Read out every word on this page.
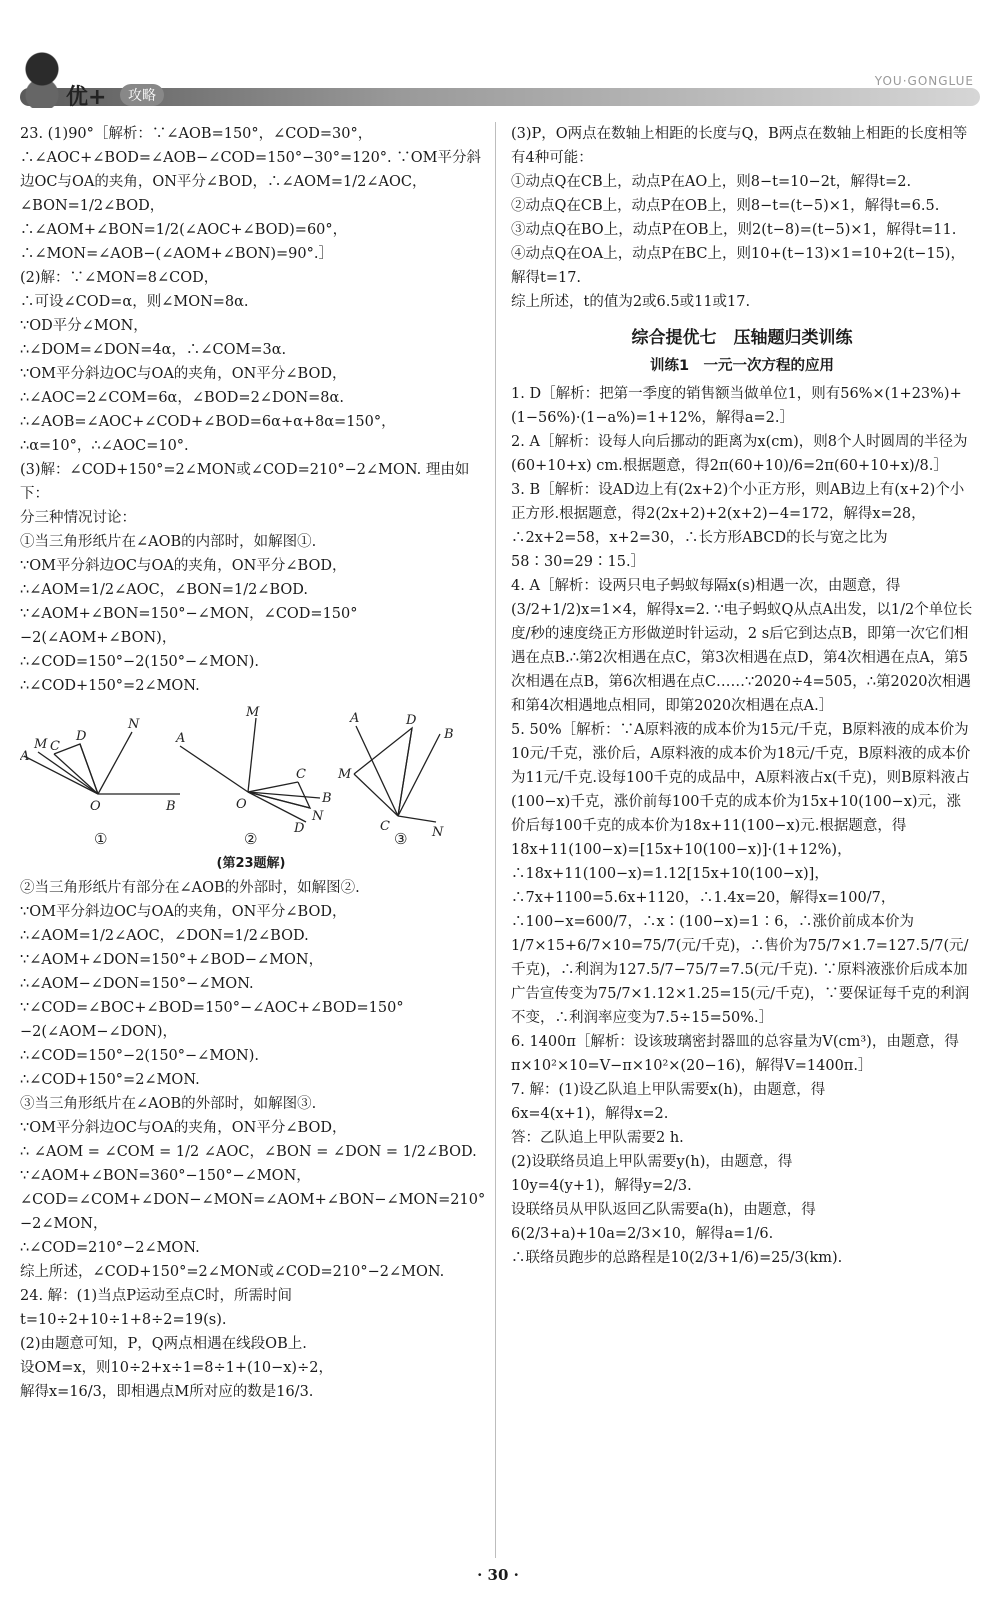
优+	攻略
YOU·GONGLUE

23. (1)90°［解析：∵∠AOB=150°，∠COD=30°，∴∠AOC+∠BOD=∠AOB−∠COD=150°−30°=120°. ∵OM平分斜边OC与OA的夹角，ON平分∠BOD，∴∠AOM=1/2∠AOC，∠BON=1/2∠BOD，∴∠AOM+∠BON=1/2(∠AOC+∠BOD)=60°，∴∠MON=∠AOB−(∠AOM+∠BON)=90°.］

(2)解：∵∠MON=8∠COD，

∴可设∠COD=α，则∠MON=8α.

∵OD平分∠MON，

∴∠DOM=∠DON=4α，∴∠COM=3α.

∵OM平分斜边OC与OA的夹角，ON平分∠BOD，

∴∠AOC=2∠COM=6α，∠BOD=2∠DON=8α.

∴∠AOB=∠AOC+∠COD+∠BOD=6α+α+8α=150°，

∴α=10°，∴∠AOC=10°.

(3)解：∠COD+150°=2∠MON或∠COD=210°−2∠MON. 理由如下：

分三种情况讨论：

①当三角形纸片在∠AOB的内部时，如解图①.

∵OM平分斜边OC与OA的夹角，ON平分∠BOD，

∴∠AOM=1/2∠AOC，∠BON=1/2∠BOD.

∵∠AOM+∠BON=150°−∠MON，∠COD=150°−2(∠AOM+∠BON)，

∴∠COD=150°−2(150°−∠MON).

∴∠COD+150°=2∠MON.

A
M C
D
N
O	B
A
M
C
B
N
D
O
A	D
M
C	N
B
①	②	③

(第23题解)

②当三角形纸片有部分在∠AOB的外部时，如解图②.

∵OM平分斜边OC与OA的夹角，ON平分∠BOD，

∴∠AOM=1/2∠AOC，∠DON=1/2∠BOD.

∵∠AOM+∠DON=150°+∠BOD−∠MON，

∴∠AOM−∠DON=150°−∠MON.

∵∠COD=∠BOC+∠BOD=150°−∠AOC+∠BOD=150°−2(∠AOM−∠DON)，

∴∠COD=150°−2(150°−∠MON).

∴∠COD+150°=2∠MON.

③当三角形纸片在∠AOB的外部时，如解图③.

∵OM平分斜边OC与OA的夹角，ON平分∠BOD，

∴ ∠AOM = ∠COM = 1/2 ∠AOC，∠BON = ∠DON = 1/2∠BOD.

∵∠AOM+∠BON=360°−150°−∠MON，∠COD=∠COM+∠DON−∠MON=∠AOM+∠BON−∠MON=210°−2∠MON，

∴∠COD=210°−2∠MON.

综上所述，∠COD+150°=2∠MON或∠COD=210°−2∠MON.

24. 解：(1)当点P运动至点C时，所需时间t=10÷2+10÷1+8÷2=19(s).

(2)由题意可知，P，Q两点相遇在线段OB上.

设OM=x，则10÷2+x÷1=8÷1+(10−x)÷2，

解得x=16/3，即相遇点M所对应的数是16/3.

(3)P，O两点在数轴上相距的长度与Q，B两点在数轴上相距的长度相等有4种可能：

①动点Q在CB上，动点P在AO上，则8−t=10−2t，解得t=2.

②动点Q在CB上，动点P在OB上，则8−t=(t−5)×1，解得t=6.5.

③动点Q在BO上，动点P在OB上，则2(t−8)=(t−5)×1，解得t=11.

④动点Q在OA上，动点P在BC上，则10+(t−13)×1=10+2(t−15)，解得t=17.

综上所述，t的值为2或6.5或11或17.

综合提优七　压轴题归类训练
训练1　一元一次方程的应用

1. D［解析：把第一季度的销售额当做单位1，则有56%×(1+23%)+(1−56%)·(1−a%)=1+12%，解得a=2.］

2. A［解析：设每人向后挪动的距离为x(cm)，则8个人时圆周的半径为(60+10+x) cm.根据题意，得2π(60+10)/6=2π(60+10+x)/8.］

3. B［解析：设AD边上有(2x+2)个小正方形，则AB边上有(x+2)个小正方形.根据题意，得2(2x+2)+2(x+2)−4=172，解得x=28，∴2x+2=58，x+2=30，∴长方形ABCD的长与宽之比为58∶30=29∶15.］

4. A［解析：设两只电子蚂蚁每隔x(s)相遇一次，由题意，得(3/2+1/2)x=1×4，解得x=2. ∵电子蚂蚁Q从点A出发，以1/2个单位长度/秒的速度绕正方形做逆时针运动，2 s后它到达点B，即第一次它们相遇在点B.∴第2次相遇在点C，第3次相遇在点D，第4次相遇在点A，第5次相遇在点B，第6次相遇在点C……∵2020÷4=505，∴第2020次相遇和第4次相遇地点相同，即第2020次相遇在点A.］

5. 50%［解析：∵A原料液的成本价为15元/千克，B原料液的成本价为10元/千克，涨价后，A原料液的成本价为18元/千克，B原料液的成本价为11元/千克.设每100千克的成品中，A原料液占x(千克)，则B原料液占(100−x)千克，涨价前每100千克的成本价为15x+10(100−x)元，涨价后每100千克的成本价为18x+11(100−x)元.根据题意，得18x+11(100−x)=[15x+10(100−x)]·(1+12%)，∴18x+11(100−x)=1.12[15x+10(100−x)]，∴7x+1100=5.6x+1120，∴1.4x=20，解得x=100/7，∴100−x=600/7，∴x∶(100−x)=1∶6，∴涨价前成本价为1/7×15+6/7×10=75/7(元/千克)，∴售价为75/7×1.7=127.5/7(元/千克)，∴利润为127.5/7−75/7=7.5(元/千克). ∵原料液涨价后成本加广告宣传变为75/7×1.12×1.25=15(元/千克)，∵要保证每千克的利润不变，∴利润率应变为7.5÷15=50%.］

6. 1400π［解析：设该玻璃密封器皿的总容量为V(cm³)，由题意，得π×10²×10=V−π×10²×(20−16)，解得V=1400π.］

7. 解：(1)设乙队追上甲队需要x(h)，由题意，得

6x=4(x+1)，解得x=2.

答：乙队追上甲队需要2 h.

(2)设联络员追上甲队需要y(h)，由题意，得

10y=4(y+1)，解得y=2/3.

设联络员从甲队返回乙队需要a(h)，由题意，得

6(2/3+a)+10a=2/3×10，解得a=1/6.

∴联络员跑步的总路程是10(2/3+1/6)=25/3(km).

· 30 ·
